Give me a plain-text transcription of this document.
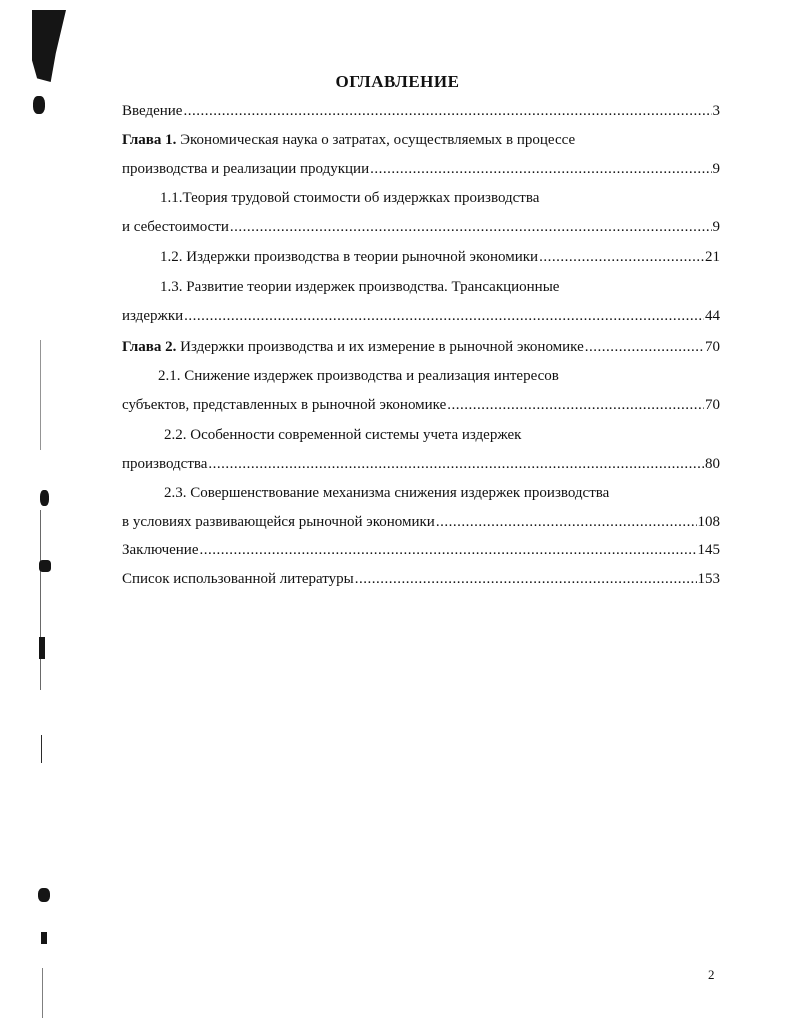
ОГЛАВЛЕНИЕ
Введение .....	3
Глава 1. Экономическая наука о затратах, осуществляемых в процессе
производства и реализации продукции .....	9
1.1.Теория трудовой стоимости об издержках производства
и себестоимости .....	9
1.2. Издержки производства в теории рыночной экономики .....	21
1.3. Развитие теории издержек производства. Трансакционные
издержки .....	44
Глава 2. Издержки производства и их измерение в рыночной экономике .....	70
2.1. Снижение издержек производства и реализация интересов
субъектов, представленных в рыночной экономике .....	70
2.2. Особенности современной системы учета издержек
производства .....	80
2.3. Совершенствование механизма снижения издержек производства
в условиях развивающейся рыночной экономики .....	108
Заключение .....	145
Список использованной литературы .....	153
2
